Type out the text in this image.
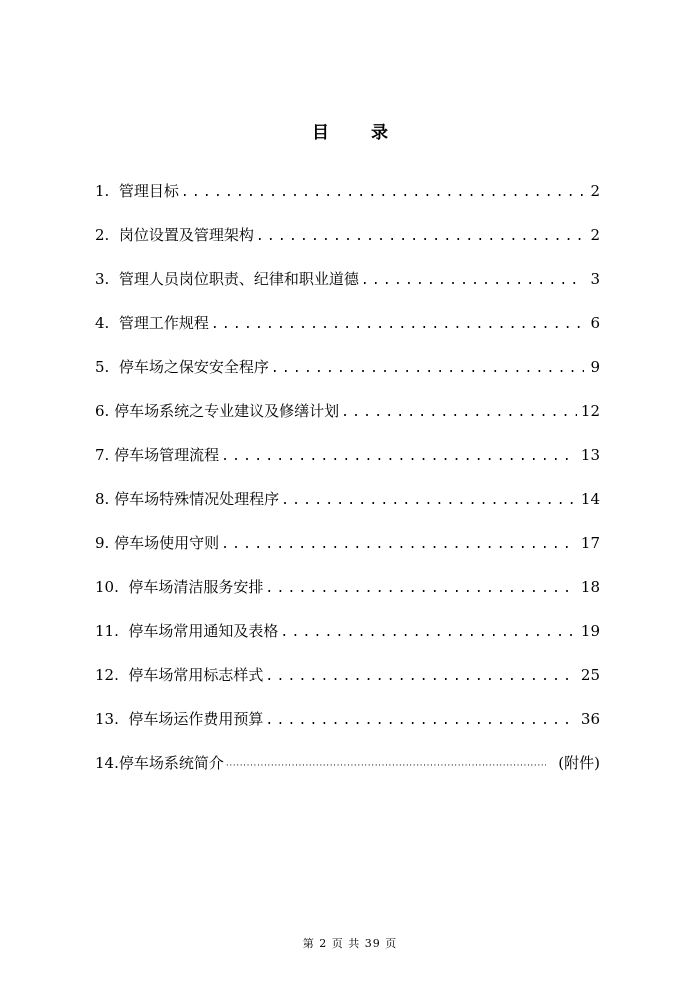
目 录
1. 管理目标 .....	2
2. 岗位设置及管理架构 .....	2
3. 管理人员岗位职责、纪律和职业道德 .....	3
4. 管理工作规程 .....	6
5. 停车场之保安安全程序 .....	9
6. 停车场系统之专业建议及修缮计划 .....	12
7. 停车场管理流程 .....	13
8. 停车场特殊情况处理程序 .....	14
9. 停车场使用守则 .....	17
10. 停车场清洁服务安排 .....	18
11. 停车场常用通知及表格 .....	19
12. 停车场常用标志样式 .....	25
13. 停车场运作费用预算 .....	36
14. 停车场系统简介 ·····	(附件)
第 2 页 共 39 页
